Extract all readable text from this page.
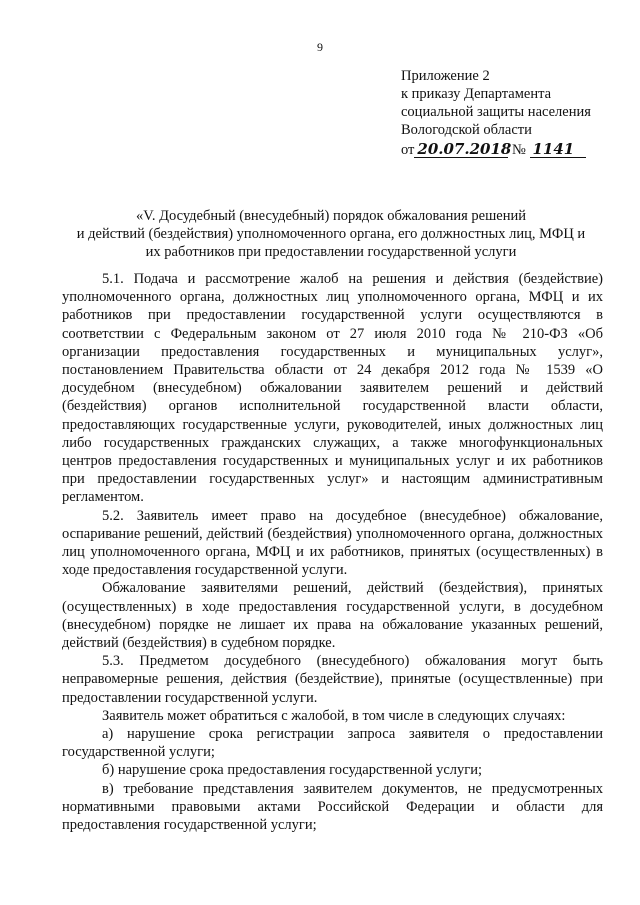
9
Приложение 2
к приказу Департамента
социальной защиты населения
Вологодской области
от 20.07.2018 № 1141
«V. Досудебный (внесудебный) порядок обжалования решений
и действий (бездействия) уполномоченного органа, его должностных лиц, МФЦ и
их работников при предоставлении государственной услуги

5.1. Подача и рассмотрение жалоб на решения и действия (бездействие) уполномоченного органа, должностных лиц уполномоченного органа, МФЦ и их работников при предоставлении государственной услуги осуществляются в соответствии с Федеральным законом от 27 июля 2010 года № 210-ФЗ «Об организации предоставления государственных и муниципальных услуг», постановлением Правительства области от 24 декабря 2012 года № 1539 «О досудебном (внесудебном) обжаловании заявителем решений и действий (бездействия) органов исполнительной государственной власти области, предоставляющих государственные услуги, руководителей, иных должностных лиц либо государственных гражданских служащих, а также многофункциональных центров предоставления государственных и муниципальных услуг и их работников при предоставлении государственных услуг» и настоящим административным регламентом.

5.2. Заявитель имеет право на досудебное (внесудебное) обжалование, оспаривание решений, действий (бездействия) уполномоченного органа, должностных лиц уполномоченного органа, МФЦ и их работников, принятых (осуществленных) в ходе предоставления государственной услуги.

Обжалование заявителями решений, действий (бездействия), принятых (осуществленных) в ходе предоставления государственной услуги, в досудебном (внесудебном) порядке не лишает их права на обжалование указанных решений, действий (бездействия) в судебном порядке.

5.3. Предметом досудебного (внесудебного) обжалования могут быть неправомерные решения, действия (бездействие), принятые (осуществленные) при предоставлении государственной услуги.

Заявитель может обратиться с жалобой, в том числе в следующих случаях:

а) нарушение срока регистрации запроса заявителя о предоставлении государственной услуги;

б) нарушение срока предоставления государственной услуги;

в) требование представления заявителем документов, не предусмотренных нормативными правовыми актами Российской Федерации и области для предоставления государственной услуги;
